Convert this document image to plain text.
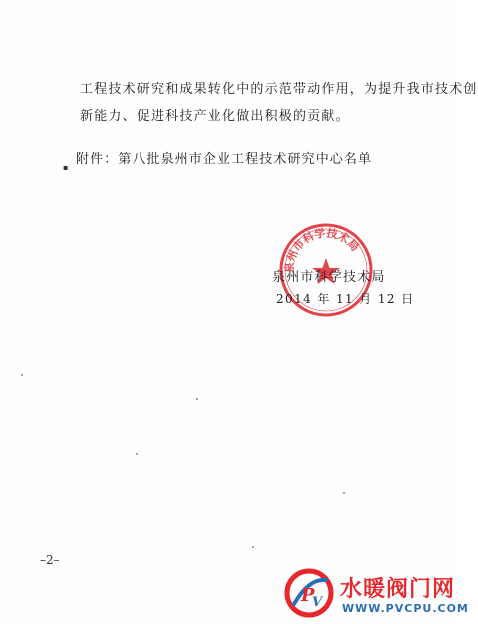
工程技术研究和成果转化中的示范带动作用，为提升我市技术创
新能力、促进科技产业化做出积极的贡献。
附件：第八批泉州市企业工程技术研究中心名单
▪
泉州市科学技术局
泉州市科学技术局
2014 年 11 月 12 日
–2–
P
V
水暖阀门网
WWW.PVCPU.COM
